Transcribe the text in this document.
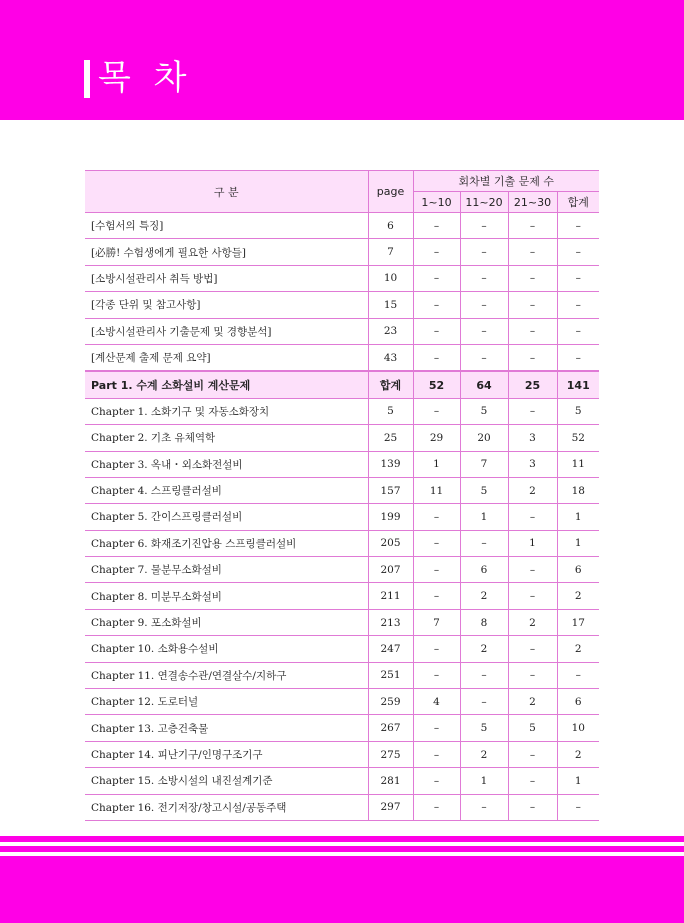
목 차
구 분	page	회차별 기출 문제 수			
		1~10	11~20	21~30	합계
[수험서의 특징]	6	–	–	–	–
[必勝! 수험생에게 필요한 사항들]	7	–	–	–	–
[소방시설관리사 취득 방법]	10	–	–	–	–
[각종 단위 및 참고사항]	15	–	–	–	–
[소방시설관리사 기출문제 및 경향분석]	23	–	–	–	–
[계산문제 출제 문제 요약]	43	–	–	–	–
Part 1. 수계 소화설비 계산문제	합계	52	64	25	141
Chapter 1. 소화기구 및 자동소화장치	5	–	5	–	5
Chapter 2. 기초 유체역학	25	29	20	3	52
Chapter 3. 옥내・외소화전설비	139	1	7	3	11
Chapter 4. 스프링클러설비	157	11	5	2	18
Chapter 5. 간이스프링클러설비	199	–	1	–	1
Chapter 6. 화재조기진압용 스프링클러설비	205	–	–	1	1
Chapter 7. 물분무소화설비	207	–	6	–	6
Chapter 8. 미분무소화설비	211	–	2	–	2
Chapter 9. 포소화설비	213	7	8	2	17
Chapter 10. 소화용수설비	247	–	2	–	2
Chapter 11. 연결송수관/연결살수/지하구	251	–	–	–	–
Chapter 12. 도로터널	259	4	–	2	6
Chapter 13. 고층건축물	267	–	5	5	10
Chapter 14. 피난기구/인명구조기구	275	–	2	–	2
Chapter 15. 소방시설의 내진설계기준	281	–	1	–	1
Chapter 16. 전기저장/창고시설/공동주택	297	–	–	–	–
